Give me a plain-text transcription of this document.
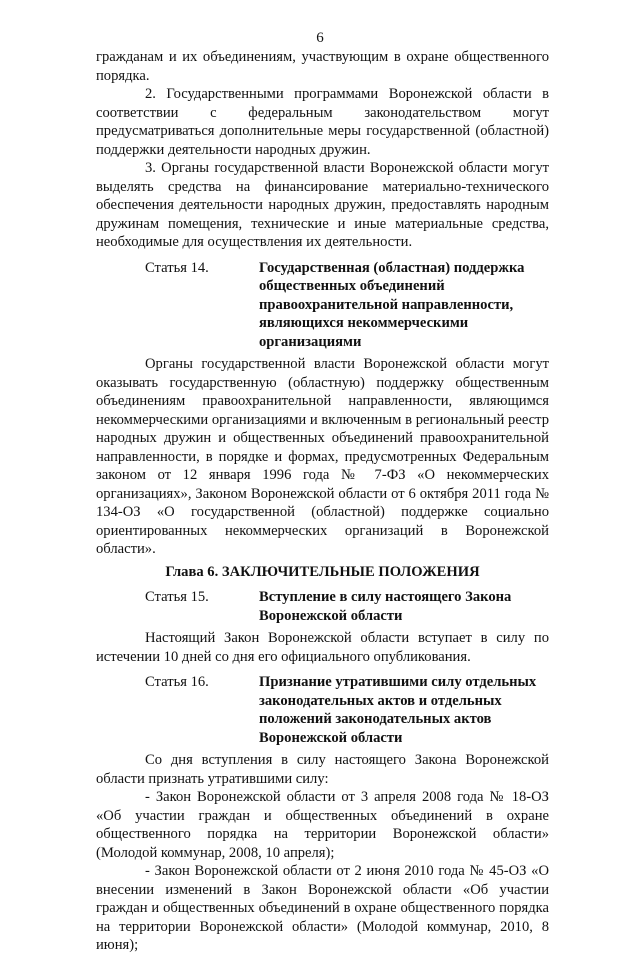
6

гражданам и их объединениям, участвующим в охране общественного порядка.

2. Государственными программами Воронежской области в соответствии с федеральным законодательством могут предусматриваться дополнительные меры государственной (областной) поддержки деятельности народных дружин.

3. Органы государственной власти Воронежской области могут выделять средства на финансирование материально-технического обеспечения деятельности народных дружин, предоставлять народным дружинам помещения, технические и иные материальные средства, необходимые для осуществления их деятельности.

Статья 14.	Государственная (областная) поддержка общественных объединений правоохранительной направленности, являющихся некоммерческими организациями

Органы государственной власти Воронежской области могут оказывать государственную (областную) поддержку общественным объединениям правоохранительной направленности, являющимся некоммерческими организациями и включенным в региональный реестр народных дружин и общественных объединений правоохранительной направленности, в порядке и формах, предусмотренных Федеральным законом от 12 января 1996 года № 7-ФЗ «О некоммерческих организациях», Законом Воронежской области от 6 октября 2011 года № 134-ОЗ «О государственной (областной) поддержке социально ориентированных некоммерческих организаций в Воронежской области».

Глава 6. ЗАКЛЮЧИТЕЛЬНЫЕ ПОЛОЖЕНИЯ
Статья 15.	Вступление в силу настоящего Закона Воронежской области

Настоящий Закон Воронежской области вступает в силу по истечении 10 дней со дня его официального опубликования.

Статья 16.	Признание утратившими силу отдельных законодательных актов и отдельных положений законодательных актов Воронежской области

Со дня вступления в силу настоящего Закона Воронежской области признать утратившими силу:

- Закон Воронежской области от 3 апреля 2008 года № 18-ОЗ «Об участии граждан и общественных объединений в охране общественного порядка на территории Воронежской области» (Молодой коммунар, 2008, 10 апреля);

- Закон Воронежской области от 2 июня 2010 года № 45-ОЗ «О внесении изменений в Закон Воронежской области «Об участии граждан и общественных объединений в охране общественного порядка на территории Воронежской области» (Молодой коммунар, 2010, 8 июня);
